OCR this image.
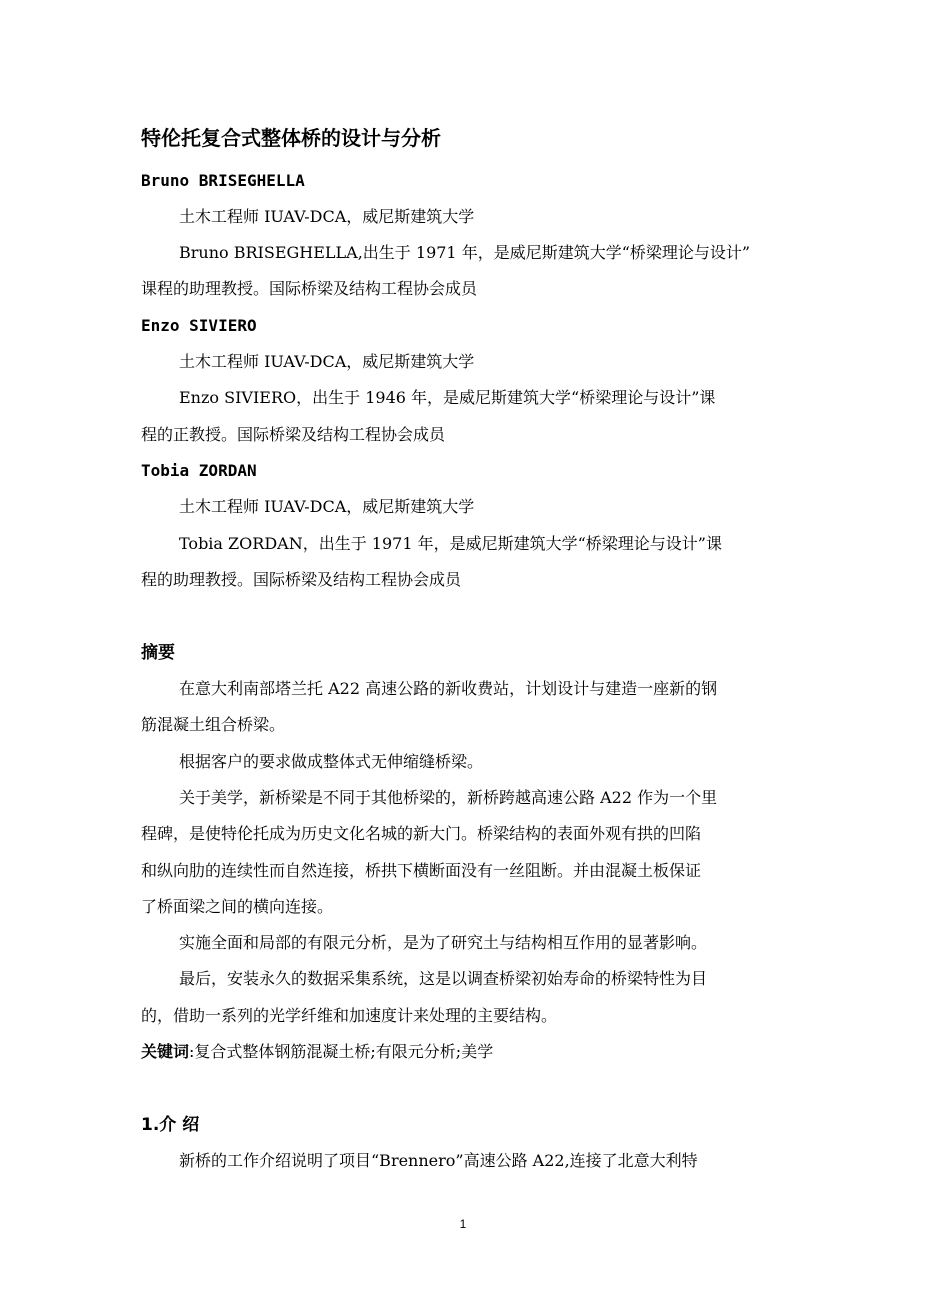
特伦托复合式整体桥的设计与分析
Bruno BRISEGHELLA
土木工程师 IUAV-DCA，威尼斯建筑大学
Bruno BRISEGHELLA,出生于 1971 年，是威尼斯建筑大学“桥梁理论与设计”
课程的助理教授。国际桥梁及结构工程协会成员
Enzo SIVIERO
土木工程师 IUAV-DCA，威尼斯建筑大学
Enzo SIVIERO，出生于 1946 年，是威尼斯建筑大学“桥梁理论与设计”课
程的正教授。国际桥梁及结构工程协会成员
Tobia ZORDAN
土木工程师 IUAV-DCA，威尼斯建筑大学
Tobia ZORDAN，出生于 1971 年，是威尼斯建筑大学“桥梁理论与设计”课
程的助理教授。国际桥梁及结构工程协会成员
摘要
在意大利南部塔兰托 A22 高速公路的新收费站，计划设计与建造一座新的钢
筋混凝土组合桥梁。
根据客户的要求做成整体式无伸缩缝桥梁。
关于美学，新桥梁是不同于其他桥梁的，新桥跨越高速公路 A22 作为一个里
程碑，是使特伦托成为历史文化名城的新大门。桥梁结构的表面外观有拱的凹陷
和纵向肋的连续性而自然连接，桥拱下横断面没有一丝阻断。并由混凝土板保证
了桥面梁之间的横向连接。
实施全面和局部的有限元分析，是为了研究土与结构相互作用的显著影响。
最后，安装永久的数据采集系统，这是以调查桥梁初始寿命的桥梁特性为目
的，借助一系列的光学纤维和加速度计来处理的主要结构。
关键词:复合式整体钢筋混凝土桥;有限元分析;美学
1.介 绍
新桥的工作介绍说明了项目“Brennero”高速公路 A22,连接了北意大利特
1
